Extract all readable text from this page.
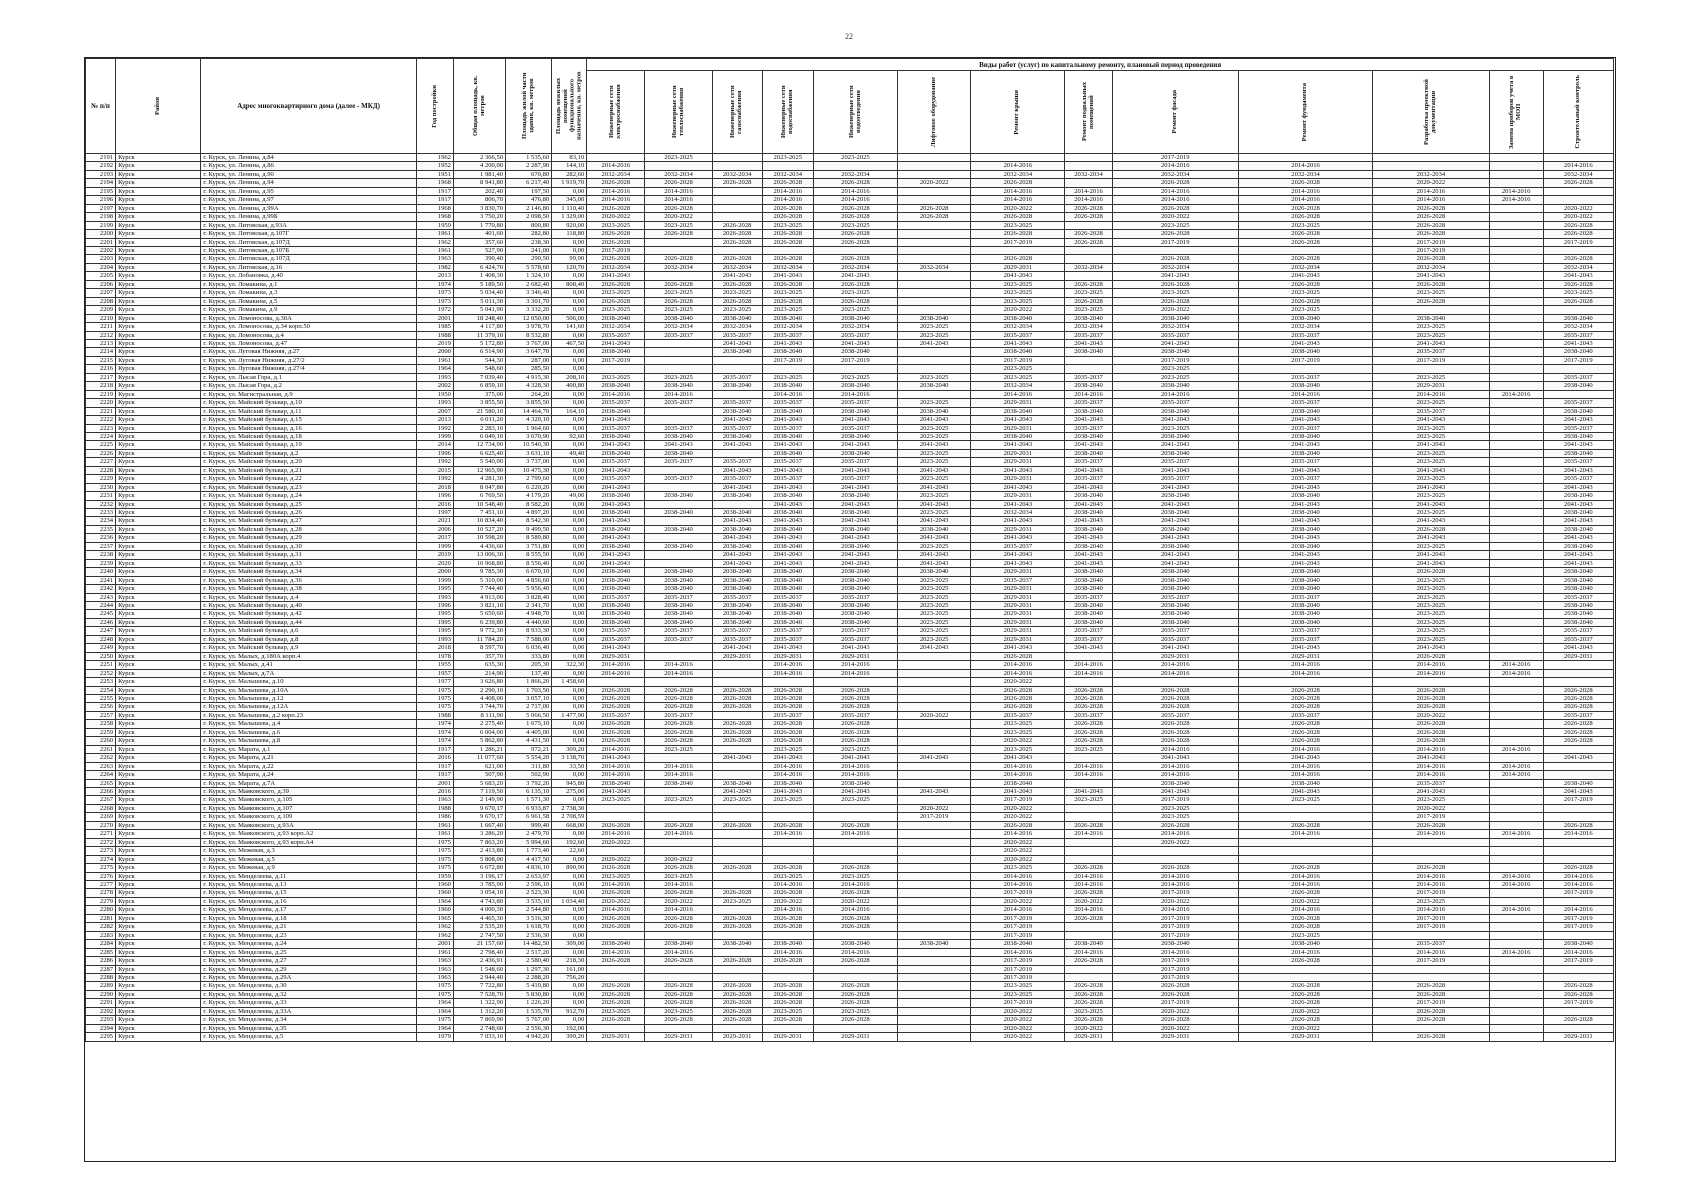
22
№ п/п	Район	Адрес многоквартирного дома (далее - МКД)	Год постройки	Общая площадь, кв. метров	Площадь жилой части здания, кв. метров	Площадь нежилых помещений функционального назначения, кв. метров	Виды работ (услуг) по капитальному ремонту, плановый период проведения												

							Инженерные сети электроснабжения	Инженерные сети теплоснабжения	Инженерные сети газоснабжения	Инженерные сети водоснабжения	Инженерные сети водоотведения	Лифтовое оборудование	Ремонт крыши	Ремонт подвальных помещений	Ремонт фасада	Ремонт фундамента	Разработка проектной документации	Замена приборов учета в МОП	Строительный контроль

2191	Курск	г. Курск, ул. Ленина, д.84	1962	2 366,50	1 535,60	83,10		2023-2025		2023-2025	2023-2025				2017-2019				
2192	Курск	г. Курск, ул. Ленина, д.86	1952	4 200,00	2 287,90	144,10	2014-2016						2014-2016		2014-2016	2014-2016			2014-2016
2193	Курск	г. Курск, ул. Ленина, д.90	1951	1 981,40	670,80	282,60	2032-2034	2032-2034	2032-2034	2032-2034	2032-2034		2032-2034	2032-2034	2032-2034	2032-2034	2032-2034		2032-2034
2194	Курск	г. Курск, ул. Ленина, д.94	1968	8 941,80	6 217,40	1 919,70	2026-2028	2026-2028	2026-2028	2026-2028	2026-2028	2020-2022	2026-2028		2026-2028	2026-2028	2020-2022		2026-2028
2195	Курск	г. Курск, ул. Ленина, д.95	1917	202,40	197,50	0,00	2014-2016	2014-2016		2014-2016	2014-2016		2014-2016	2014-2016	2014-2016	2014-2016	2014-2016	2014-2016	
2196	Курск	г. Курск, ул. Ленина, д.97	1917	806,70	476,80	345,00	2014-2016	2014-2016		2014-2016	2014-2016		2014-2016	2014-2016	2014-2016	2014-2016	2014-2016	2014-2016	
2197	Курск	г. Курск, ул. Ленина, д.99А	1968	3 830,70	2 146,80	1 110,40	2026-2028	2026-2028		2026-2028	2026-2028	2026-2028	2020-2022	2026-2028	2026-2028	2026-2028	2026-2028		2020-2022
2198	Курск	г. Курск, ул. Ленина, д.99Б	1968	3 750,20	2 098,50	1 329,00	2020-2022	2020-2022		2026-2028	2026-2028	2026-2028	2026-2028	2026-2028	2020-2022	2026-2028	2026-2028		2020-2022
2199	Курск	г. Курск, ул. Литовская, д.93А	1959	1 770,80	800,80	920,00	2023-2025	2023-2025	2026-2028	2023-2025	2023-2025		2023-2025		2023-2025	2023-2025	2026-2028		2026-2028
2200	Курск	г. Курск, ул. Литовская, д.107Г	1961	401,60	282,80	118,80	2026-2028	2026-2028	2026-2028	2026-2028	2026-2028		2026-2028	2026-2028	2026-2028	2026-2028	2026-2028		2026-2028
2201	Курск	г. Курск, ул. Литовская, д.107Д	1962	357,60	238,30	0,00	2026-2028		2026-2028	2026-2028	2026-2028		2017-2019	2026-2028	2017-2019	2026-2028	2017-2019		2017-2019
2202	Курск	г. Курск, ул. Литовская, д.107Б	1961	527,90	241,00	0,00	2017-2019										2017-2019		
2203	Курск	г. Курск, ул. Литовская, д.107Д	1963	390,40	290,50	99,90	2026-2028	2026-2028	2026-2028	2026-2028	2026-2028		2026-2028		2026-2028	2026-2028	2026-2028		2026-2028
2204	Курск	г. Курск, ул. Литовская, д.16	1982	6 424,70	5 578,60	120,70	2032-2034	2032-2034	2032-2034	2032-2034	2032-2034	2032-2034	2029-2031	2032-2034	2032-2034	2032-2034	2032-2034		2032-2034
2205	Курск	г. Курск, ул. Лобановка, д.40	2013	1 408,30	1 324,10	0,00	2041-2043		2041-2043	2041-2043	2041-2043		2041-2043		2041-2043	2041-2043	2041-2043		2041-2043
2206	Курск	г. Курск, ул. Ломакина, д.1	1974	5 189,50	2 682,40	808,40	2026-2028	2026-2028	2026-2028	2026-2028	2026-2028		2023-2025	2026-2028	2026-2028	2026-2028	2026-2028		2026-2028
2207	Курск	г. Курск, ул. Ломакина, д.3	1973	5 034,40	3 346,40	0,00	2023-2025	2023-2025	2023-2025	2023-2025	2023-2025		2023-2025	2023-2025	2023-2025	2023-2025	2023-2025		2023-2025
2208	Курск	г. Курск, ул. Ломакина, д.5	1973	5 011,30	3 301,70	0,00	2026-2028	2026-2028	2026-2028	2026-2028	2026-2028		2023-2025	2026-2028	2026-2028	2026-2028	2026-2028		2026-2028
2209	Курск	г. Курск, ул. Ломакина, д.9	1972	5 041,90	3 332,20	0,00	2023-2025	2023-2025	2023-2025	2023-2025	2023-2025		2020-2022	2023-2025	2020-2022	2023-2025			
2210	Курск	г. Курск, ул. Ломоносова, д.30А	2001	18 248,40	12 050,00	506,00	2038-2040	2038-2040	2038-2040	2038-2040	2038-2040	2038-2040	2038-2040	2038-2040	2038-2040	2038-2040	2038-2040		2038-2040
2211	Курск	г. Курск, ул. Ломоносова, д.34 корп.50	1985	4 117,80	3 978,70	141,60	2032-2034	2032-2034	2032-2034	2032-2034	2032-2034	2023-2025	2032-2034	2032-2034	2032-2034	2032-2034	2023-2025		2032-2034
2212	Курск	г. Курск, ул. Ломоносова, д.4	1988	11 379,10	8 532,80	0,00	2035-2037	2035-2037	2035-2037	2035-2037	2035-2037	2023-2025	2035-2037	2035-2037	2035-2037	2035-2037	2023-2025		2035-2037
2213	Курск	г. Курск, ул. Ломоносова, д.47	2019	5 172,80	3 767,00	467,50	2041-2043		2041-2043	2041-2043	2041-2043	2041-2043	2041-2043	2041-2043	2041-2043	2041-2043	2041-2043		2041-2043
2214	Курск	г. Курск, ул. Луговая Нижняя, д.27	2000	6 514,90	3 647,70	0,00	2038-2040		2038-2040	2038-2040	2038-2040		2038-2040	2038-2040	2038-2040	2038-2040	2035-2037		2038-2040
2215	Курск	г. Курск, ул. Луговая Нижняя, д.27/2	1961	544,30	287,00	0,00	2017-2019			2017-2019	2017-2019		2017-2019		2017-2019	2017-2019	2017-2019		2017-2019
2216	Курск	г. Курск, ул. Луговая Нижняя, д.27/4	1964	548,60	285,50	0,00							2023-2025		2023-2025				
2217	Курск	г. Курск, ул. Лысая Гора, д.1	1993	7 039,40	4 915,30	208,10	2023-2025	2023-2025	2035-2037	2023-2025	2023-2025	2023-2025	2023-2025	2035-2037	2023-2025	2035-2037	2023-2025		2035-2037
2218	Курск	г. Курск, ул. Лысая Гора, д.2	2002	6 859,10	4 328,30	400,80	2038-2040	2038-2040	2038-2040	2038-2040	2038-2040	2038-2040	2032-2034	2038-2040	2038-2040	2038-2040	2029-2031		2038-2040
2219	Курск	г. Курск, ул. Магистральная, д.9	1950	375,00	264,20	0,00	2014-2016	2014-2016		2014-2016	2014-2016		2014-2016	2014-2016	2014-2016	2014-2016	2014-2016	2014-2016	
2220	Курск	г. Курск, ул. Майский бульвар, д.10	1993	3 855,50	3 855,50	0,00	2035-2037	2035-2037	2035-2037	2035-2037	2035-2037	2023-2025	2029-2031	2035-2037	2035-2037	2035-2037	2023-2025		2035-2037
2221	Курск	г. Курск, ул. Майский бульвар, д.11	2007	21 580,10	14 464,70	164,10	2038-2040		2038-2040	2038-2040	2038-2040	2038-2040	2038-2040	2038-2040	2038-2040	2038-2040	2035-2037		2038-2040
2222	Курск	г. Курск, ул. Майский бульвар, д.15	2013	6 011,20	4 320,10	0,00	2041-2043		2041-2043	2041-2043	2041-2043	2041-2043	2041-2043	2041-2043	2041-2043	2041-2043	2041-2043		2041-2043
2223	Курск	г. Курск, ул. Майский бульвар, д.16	1992	2 283,10	1 964,60	0,00	2035-2037	2035-2037	2035-2037	2035-2037	2035-2037	2023-2025	2029-2031	2035-2037	2023-2025	2035-2037	2023-2025		2035-2037
2224	Курск	г. Курск, ул. Майский бульвар, д.18	1999	6 049,10	3 670,90	92,60	2038-2040	2038-2040	2038-2040	2038-2040	2038-2040	2023-2025	2038-2040	2038-2040	2038-2040	2038-2040	2023-2025		2038-2040
2225	Курск	г. Курск, ул. Майский бульвар, д.19	2014	12 734,90	10 540,30	0,00	2041-2043	2041-2043	2041-2043	2041-2043	2041-2043	2041-2043	2041-2043	2041-2043	2041-2043	2041-2043	2041-2043		2041-2043
2226	Курск	г. Курск, ул. Майский бульвар, д.2	1996	6 625,40	3 631,10	49,40	2038-2040	2038-2040		2038-2040	2038-2040	2023-2025	2029-2031	2038-2040	2038-2040	2038-2040	2023-2025		2038-2040
2227	Курск	г. Курск, ул. Майский бульвар, д.20	1992	5 540,00	3 737,00	0,00	2035-2037	2035-2037	2035-2037	2035-2037	2035-2037	2023-2025	2029-2031	2035-2037	2035-2037	2035-2037	2023-2025		2035-2037
2228	Курск	г. Курск, ул. Майский бульвар, д.21	2015	12 965,90	10 475,30	0,00	2041-2043		2041-2043	2041-2043	2041-2043	2041-2043	2041-2043	2041-2043	2041-2043	2041-2043	2041-2043		2041-2043
2229	Курск	г. Курск, ул. Майский бульвар, д.22	1992	4 281,30	2 799,60	0,00	2035-2037	2035-2037	2035-2037	2035-2037	2035-2037	2023-2025	2029-2031	2035-2037	2035-2037	2035-2037	2023-2025		2035-2037
2230	Курск	г. Курск, ул. Майский бульвар, д.23	2018	8 047,80	6 220,20	0,00	2041-2043		2041-2043	2041-2043	2041-2043	2041-2043	2041-2043	2041-2043	2041-2043	2041-2043	2041-2043		2041-2043
2231	Курск	г. Курск, ул. Майский бульвар, д.24	1996	6 769,50	4 179,20	49,00	2038-2040	2038-2040	2038-2040	2038-2040	2038-2040	2023-2025	2029-2031	2038-2040	2038-2040	2038-2040	2023-2025		2038-2040
2232	Курск	г. Курск, ул. Майский бульвар, д.25	2016	10 548,40	8 582,20	0,00	2041-2043			2041-2043	2041-2043	2041-2043	2041-2043	2041-2043	2041-2043	2041-2043	2041-2043		2041-2043
2233	Курск	г. Курск, ул. Майский бульвар, д.26	1997	7 451,10	4 897,20	0,00	2038-2040	2038-2040	2038-2040	2038-2040	2038-2040	2023-2025	2032-2034	2038-2040	2038-2040	2038-2040	2023-2025		2038-2040
2234	Курск	г. Курск, ул. Майский бульвар, д.27	2021	10 834,40	8 542,30	0,00	2041-2043		2041-2043	2041-2043	2041-2043	2041-2043	2041-2043	2041-2043	2041-2043	2041-2043	2041-2043		2041-2043
2235	Курск	г. Курск, ул. Майский бульвар, д.28	2006	10 527,20	9 499,50	0,00	2038-2040	2038-2040	2038-2040	2038-2040	2038-2040	2038-2040	2029-2031	2038-2040	2038-2040	2038-2040	2026-2028		2038-2040
2236	Курск	г. Курск, ул. Майский бульвар, д.29	2017	10 598,20	8 589,80	0,00	2041-2043		2041-2043	2041-2043	2041-2043	2041-2043	2041-2043	2041-2043	2041-2043	2041-2043	2041-2043		2041-2043
2237	Курск	г. Курск, ул. Майский бульвар, д.30	1999	4 436,60	3 751,80	0,00	2038-2040	2038-2040	2038-2040	2038-2040	2038-2040	2023-2025	2035-2037	2038-2040	2038-2040	2038-2040	2023-2025		2038-2040
2238	Курск	г. Курск, ул. Майский бульвар, д.31	2019	13 006,30	8 555,50	0,00	2041-2043		2041-2043	2041-2043	2041-2043	2041-2043	2041-2043	2041-2043	2041-2043	2041-2043	2041-2043		2041-2043
2239	Курск	г. Курск, ул. Майский бульвар, д.33	2020	10 968,80	8 556,40	0,00	2041-2043		2041-2043	2041-2043	2041-2043	2041-2043	2041-2043	2041-2043	2041-2043	2041-2043	2041-2043		2041-2043
2240	Курск	г. Курск, ул. Майский бульвар, д.34	2000	9 785,30	6 670,10	0,00	2038-2040	2038-2040	2038-2040	2038-2040	2038-2040	2038-2040	2029-2031	2038-2040	2038-2040	2038-2040	2026-2028		2038-2040
2241	Курск	г. Курск, ул. Майский бульвар, д.36	1999	5 310,00	4 856,60	0,00	2038-2040	2038-2040	2038-2040	2038-2040	2038-2040	2023-2025	2035-2037	2038-2040	2038-2040	2038-2040	2023-2025		2038-2040
2242	Курск	г. Курск, ул. Майский бульвар, д.38	1995	7 744,40	5 956,40	0,00	2038-2040	2038-2040	2038-2040	2038-2040	2038-2040	2023-2025	2029-2031	2038-2040	2038-2040	2038-2040	2023-2025		2038-2040
2243	Курск	г. Курск, ул. Майский бульвар, д.4	1993	4 913,00	3 828,40	0,00	2035-2037	2035-2037	2035-2037	2035-2037	2035-2037	2023-2025	2029-2031	2035-2037	2035-2037	2035-2037	2023-2025		2035-2037
2244	Курск	г. Курск, ул. Майский бульвар, д.40	1996	3 821,10	2 341,70	0,00	2038-2040	2038-2040	2038-2040	2038-2040	2038-2040	2023-2025	2029-2031	2038-2040	2038-2040	2038-2040	2023-2025		2038-2040
2245	Курск	г. Курск, ул. Майский бульвар, д.42	1995	5 650,60	4 948,70	0,00	2038-2040	2038-2040	2038-2040	2038-2040	2038-2040	2023-2025	2029-2031	2038-2040	2038-2040	2038-2040	2023-2025		2038-2040
2246	Курск	г. Курск, ул. Майский бульвар, д.44	1995	6 239,80	4 440,60	0,00	2038-2040	2038-2040	2038-2040	2038-2040	2038-2040	2023-2025	2029-2031	2038-2040	2038-2040	2038-2040	2023-2025		2038-2040
2247	Курск	г. Курск, ул. Майский бульвар, д.6	1995	9 772,30	8 933,30	0,00	2035-2037	2035-2037	2035-2037	2035-2037	2035-2037	2023-2025	2029-2031	2035-2037	2035-2037	2035-2037	2023-2025		2035-2037
2248	Курск	г. Курск, ул. Майский бульвар, д.8	1993	11 784,20	7 588,00	0,00	2035-2037	2035-2037	2035-2037	2035-2037	2035-2037	2023-2025	2029-2031	2035-2037	2035-2037	2035-2037	2023-2025		2035-2037
2249	Курск	г. Курск, ул. Майский бульвар, д.9	2018	8 597,70	6 036,40	0,00	2041-2043		2041-2043	2041-2043	2041-2043	2041-2043	2041-2043	2041-2043	2041-2043	2041-2043	2041-2043		2041-2043
2250	Курск	г. Курск, ул. Малых, д.180А корп.4	1978	357,70	333,80	0,00	2029-2031		2029-2031	2029-2031	2029-2031		2026-2028		2029-2031	2029-2031	2026-2028		2029-2031
2251	Курск	г. Курск, ул. Малых, д.41	1955	635,30	205,30	322,30	2014-2016	2014-2016		2014-2016	2014-2016		2014-2016	2014-2016	2014-2016	2014-2016	2014-2016	2014-2016	
2252	Курск	г. Курск, ул. Малых, д.7А	1957	214,90	137,40	0,00	2014-2016	2014-2016		2014-2016	2014-2016		2014-2016	2014-2016	2014-2016	2014-2016	2014-2016	2014-2016	
2253	Курск	г. Курск, ул. Малышева, д.10	1977	3 626,80	1 866,20	1 458,60							2020-2022						
2254	Курск	г. Курск, ул. Малышева, д.10А	1975	2 290,10	1 703,50	0,00	2026-2028	2026-2028	2026-2028	2026-2028	2026-2028		2026-2028	2026-2028	2026-2028	2026-2028	2026-2028		2026-2028
2255	Курск	г. Курск, ул. Малышева, д.12	1975	4 408,00	3 057,10	0,00	2026-2028	2026-2028	2026-2028	2026-2028	2026-2028		2026-2028	2026-2028	2026-2028	2026-2028	2026-2028		2026-2028
2256	Курск	г. Курск, ул. Малышева, д.12А	1975	3 744,70	2 717,00	0,00	2026-2028	2026-2028	2026-2028	2026-2028	2026-2028		2026-2028	2026-2028	2026-2028	2026-2028	2026-2028		2026-2028
2257	Курск	г. Курск, ул. Малышева, д.2 корп.23	1988	8 111,90	5 066,50	1 477,90	2035-2037	2035-2037		2035-2037	2035-2037	2020-2022	2035-2037	2035-2037	2035-2037	2035-2037	2020-2022		2035-2037
2258	Курск	г. Курск, ул. Малышева, д.4	1974	2 275,40	1 675,10	0,00	2026-2028	2026-2028	2026-2028	2026-2028	2026-2028		2023-2025	2026-2028	2026-2028	2026-2028	2026-2028		2026-2028
2259	Курск	г. Курск, ул. Малышева, д.6	1974	6 004,00	4 405,00	0,00	2026-2028	2026-2028	2026-2028	2026-2028	2026-2028		2023-2025	2026-2028	2026-2028	2026-2028	2026-2028		2026-2028
2260	Курск	г. Курск, ул. Малышева, д.8	1974	5 862,80	4 431,50	0,00	2026-2028	2026-2028	2026-2028	2026-2028	2026-2028		2020-2022	2026-2028	2026-2028	2026-2028	2026-2028		2026-2028
2261	Курск	г. Курск, ул. Марата, д.1	1917	1 286,21	972,21	309,20	2014-2016	2023-2025		2023-2025	2023-2025		2023-2025	2023-2025	2014-2016	2014-2016	2014-2016	2014-2016	
2262	Курск	г. Курск, ул. Марата, д.21	2016	11 077,60	5 554,20	3 138,70	2041-2043		2041-2043	2041-2043	2041-2043	2041-2043	2041-2043		2041-2043	2041-2043	2041-2043		2041-2043
2263	Курск	г. Курск, ул. Марата, д.22	1917	621,00	311,80	33,50	2014-2016	2014-2016		2014-2016	2014-2016		2014-2016	2014-2016	2014-2016	2014-2016	2014-2016	2014-2016	
2264	Курск	г. Курск, ул. Марата, д.24	1917	507,90	502,90	0,00	2014-2016	2014-2016		2014-2016	2014-2016		2014-2016	2014-2016	2014-2016	2014-2016	2014-2016	2014-2016	
2265	Курск	г. Курск, ул. Марата, д.7А	2001	5 683,20	3 792,20	945,80	2038-2040	2038-2040	2038-2040	2038-2040	2038-2040		2038-2040		2038-2040	2038-2040	2035-2037		2038-2040
2266	Курск	г. Курск, ул. Маяковского, д.39	2016	7 119,50	6 135,10	275,00	2041-2043		2041-2043	2041-2043	2041-2043	2041-2043	2041-2043	2041-2043	2041-2043	2041-2043	2041-2043		2041-2043
2267	Курск	г. Курск, ул. Маяковского, д.105	1963	2 149,90	1 571,30	0,00	2023-2025	2023-2025	2023-2025	2023-2025	2023-2025		2017-2019	2023-2025	2017-2019	2023-2025	2023-2025		2017-2019
2268	Курск	г. Курск, ул. Маяковского, д.107	1988	9 670,17	6 933,87	2 738,30						2020-2022	2020-2022		2023-2025		2020-2022		
2269	Курск	г. Курск, ул. Маяковского, д.109	1986	9 670,17	6 961,58	2 708,59						2017-2019	2020-2022		2023-2025		2017-2019		
2270	Курск	г. Курск, ул. Маяковского, д.93А	1961	1 667,40	999,40	668,00	2026-2028	2026-2028	2026-2028	2026-2028	2026-2028		2026-2028	2026-2028	2026-2028	2026-2028	2026-2028		2026-2028
2271	Курск	г. Курск, ул. Маяковского, д.93 корп.А2	1961	3 286,20	2 479,70	0,00	2014-2016	2014-2016		2014-2016	2014-2016		2014-2016	2014-2016	2014-2016	2014-2016	2014-2016	2014-2016	2014-2016
2272	Курск	г. Курск, ул. Маяковского, д.93 корп.А4	1975	7 863,20	5 994,60	192,60	2020-2022						2020-2022		2020-2022				
2273	Курск	г. Курск, ул. Межевая, д.3	1975	2 413,80	1 773,40	22,60							2020-2022						
2274	Курск	г. Курск, ул. Межевая, д.5	1975	5 808,00	4 417,50	0,00	2020-2022	2020-2022					2020-2022						
2275	Курск	г. Курск, ул. Межевая, д.9	1975	6 672,80	4 836,10	890,90	2026-2028	2026-2028	2026-2028	2026-2028	2026-2028		2023-2025	2026-2028	2026-2028	2026-2028	2026-2028		2026-2028
2276	Курск	г. Курск, ул. Менделеева, д.11	1959	3 196,17	2 653,97	0,00	2023-2025	2023-2025		2023-2025	2023-2025		2014-2016	2014-2016	2014-2016	2014-2016	2014-2016	2014-2016	2014-2016
2277	Курск	г. Курск, ул. Менделеева, д.13	1960	3 785,90	2 596,10	0,00	2014-2016	2014-2016		2014-2016	2014-2016		2014-2016	2014-2016	2014-2016	2014-2016	2014-2016	2014-2016	2014-2016
2278	Курск	г. Курск, ул. Менделеева, д.15	1960	3 054,10	2 523,30	0,00	2026-2028	2026-2028	2026-2028	2026-2028	2026-2028		2017-2019	2026-2028	2017-2019	2026-2028	2017-2019		2017-2019
2279	Курск	г. Курск, ул. Менделеева, д.16	1964	4 743,80	3 535,10	1 034,40	2020-2022	2020-2022	2023-2025	2020-2022	2020-2022		2020-2022	2020-2022	2020-2022	2020-2022	2023-2025		
2280	Курск	г. Курск, ул. Менделеева, д.17	1960	4 000,30	2 544,80	0,00	2014-2016	2014-2016		2014-2016	2014-2016		2014-2016	2014-2016	2014-2016	2014-2016	2014-2016	2014-2016	2014-2016
2281	Курск	г. Курск, ул. Менделеева, д.18	1965	4 465,30	3 516,30	0,00	2026-2028	2026-2028	2026-2028	2026-2028	2026-2028		2017-2019	2026-2028	2017-2019	2026-2028	2017-2019		2017-2019
2282	Курск	г. Курск, ул. Менделеева, д.21	1962	2 535,20	1 618,70	0,00	2026-2028	2026-2028	2026-2028	2026-2028	2026-2028		2017-2019		2017-2019	2026-2028	2017-2019		2017-2019
2283	Курск	г. Курск, ул. Менделеева, д.23	1962	2 747,50	2 536,30	0,00							2017-2019		2017-2019	2023-2025			
2284	Курск	г. Курск, ул. Менделеева, д.24	2001	21 157,60	14 482,50	309,00	2038-2040	2038-2040	2038-2040	2038-2040	2038-2040	2038-2040	2038-2040	2038-2040	2038-2040	2038-2040	2035-2037		2038-2040
2285	Курск	г. Курск, ул. Менделеева, д.25	1961	2 798,40	2 517,20	0,00	2014-2016	2014-2016		2014-2016	2014-2016		2014-2016	2014-2016	2014-2016	2014-2016	2014-2016	2014-2016	2014-2016
2286	Курск	г. Курск, ул. Менделеева, д.27	1963	2 436,91	2 580,40	218,30	2026-2028	2026-2028	2026-2028	2026-2028	2026-2028		2017-2019	2026-2028	2017-2019	2026-2028	2017-2019		2017-2019
2287	Курск	г. Курск, ул. Менделеева, д.29	1963	1 548,60	1 297,30	161,00							2017-2019		2017-2019				
2288	Курск	г. Курск, ул. Менделеева, д.29А	1963	2 944,40	2 288,20	756,20							2017-2019		2017-2019				
2289	Курск	г. Курск, ул. Менделеева, д.30	1975	7 722,80	5 410,80	0,00	2026-2028	2026-2028	2026-2028	2026-2028	2026-2028		2023-2025	2026-2028	2026-2028	2026-2028	2026-2028		2026-2028
2290	Курск	г. Курск, ул. Менделеева, д.32	1975	7 528,70	5 830,80	0,00	2026-2028	2026-2028	2026-2028	2026-2028	2026-2028		2023-2025	2026-2028	2026-2028	2026-2028	2026-2028		2026-2028
2291	Курск	г. Курск, ул. Менделеева, д.33	1964	1 322,90	1 226,20	0,00	2026-2028	2026-2028	2026-2028	2026-2028	2026-2028		2017-2019	2026-2028	2017-2019	2026-2028	2017-2019		2017-2019
2292	Курск	г. Курск, ул. Менделеева, д.33А	1964	1 312,20	1 535,70	912,70	2023-2025	2023-2025	2026-2028	2023-2025	2023-2025		2020-2022	2023-2025	2020-2022	2020-2022	2026-2028		
2293	Курск	г. Курск, ул. Менделеева, д.34	1975	7 869,90	5 767,00	0,00	2026-2028	2026-2028	2026-2028	2026-2028	2026-2028		2020-2022	2026-2028	2026-2028	2026-2028	2026-2028		2026-2028
2294	Курск	г. Курск, ул. Менделеева, д.35	1964	2 748,60	2 556,30	192,00							2020-2022	2020-2022	2020-2022	2020-2022			
2295	Курск	г. Курск, ул. Менделеева, д.5	1979	7 033,10	4 942,20	399,20	2029-2031	2029-2031	2029-2031	2029-2031	2029-2031		2020-2022	2029-2031	2029-2031	2029-2031	2026-2028		2029-2031
